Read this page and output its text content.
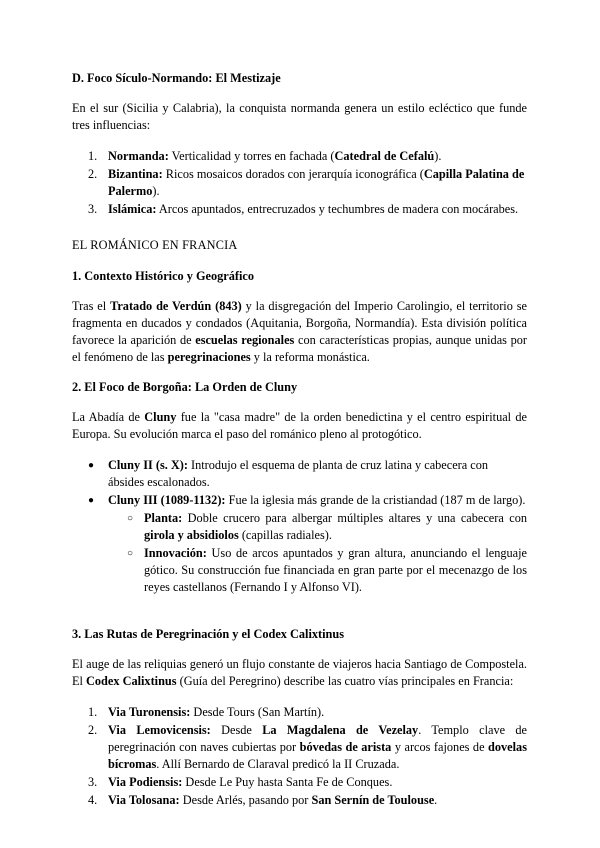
D. Foco Sículo-Normando: El Mestizaje

En el sur (Sicilia y Calabria), la conquista normanda genera un estilo ecléctico que funde tres influencias:

1. Normanda: Verticalidad y torres en fachada (Catedral de Cefalú).
2. Bizantina: Ricos mosaicos dorados con jerarquía iconográfica (Capilla Palatina de Palermo).
3. Islámica: Arcos apuntados, entrecruzados y techumbres de madera con mocárabes.
EL ROMÁNICO EN FRANCIA
1. Contexto Histórico y Geográfico

Tras el Tratado de Verdún (843) y la disgregación del Imperio Carolingio, el territorio se fragmenta en ducados y condados (Aquitania, Borgoña, Normandía). Esta división política favorece la aparición de escuelas regionales con características propias, aunque unidas por el fenómeno de las peregrinaciones y la reforma monástica.

2. El Foco de Borgoña: La Orden de Cluny

La Abadía de Cluny fue la "casa madre" de la orden benedictina y el centro espiritual de Europa. Su evolución marca el paso del románico pleno al protogótico.

● Cluny II (s. X): Introdujo el esquema de planta de cruz latina y cabecera con ábsides escalonados.
● Cluny III (1089-1132): Fue la iglesia más grande de la cristiandad (187 m de largo).
○ Planta: Doble crucero para albergar múltiples altares y una cabecera con girola y absidiolos (capillas radiales).
○ Innovación: Uso de arcos apuntados y gran altura, anunciando el lenguaje gótico. Su construcción fue financiada en gran parte por el mecenazgo de los reyes castellanos (Fernando I y Alfonso VI).
3. Las Rutas de Peregrinación y el Codex Calixtinus

El auge de las reliquias generó un flujo constante de viajeros hacia Santiago de Compostela. El Codex Calixtinus (Guía del Peregrino) describe las cuatro vías principales en Francia:

1. Via Turonensis: Desde Tours (San Martín).
2. Via Lemovicensis: Desde La Magdalena de Vezelay. Templo clave de peregrinación con naves cubiertas por bóvedas de arista y arcos fajones de dovelas bícromas. Allí Bernardo de Claraval predicó la II Cruzada.
3. Via Podiensis: Desde Le Puy hasta Santa Fe de Conques.
4. Via Tolosana: Desde Arlés, pasando por San Sernín de Toulouse.
